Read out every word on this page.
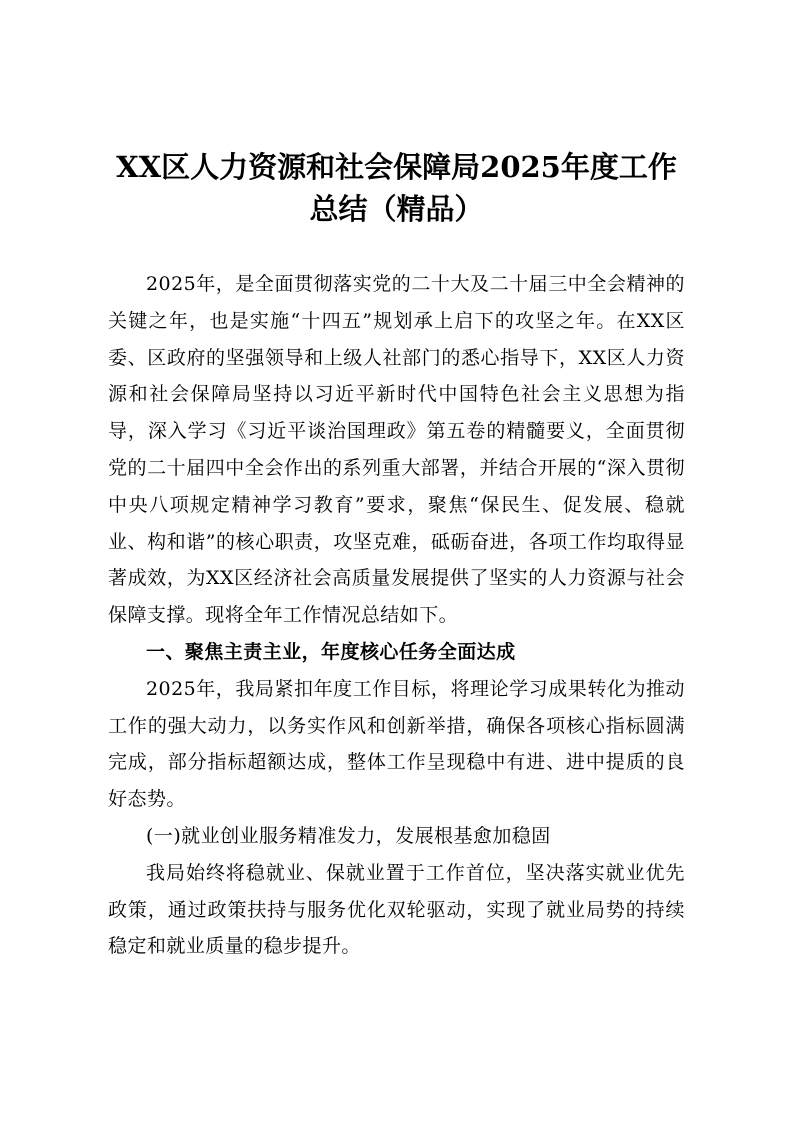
XX区人力资源和社会保障局2025年度工作总结（精品）

2025年，是全面贯彻落实党的二十大及二十届三中全会精神的关键之年，也是实施“十四五”规划承上启下的攻坚之年。在XX区委、区政府的坚强领导和上级人社部门的悉心指导下，XX区人力资源和社会保障局坚持以习近平新时代中国特色社会主义思想为指导，深入学习《习近平谈治国理政》第五卷的精髓要义，全面贯彻党的二十届四中全会作出的系列重大部署，并结合开展的“深入贯彻中央八项规定精神学习教育”要求，聚焦“保民生、促发展、稳就业、构和谐”的核心职责，攻坚克难，砥砺奋进，各项工作均取得显著成效，为XX区经济社会高质量发展提供了坚实的人力资源与社会保障支撑。现将全年工作情况总结如下。

一、聚焦主责主业，年度核心任务全面达成

2025年，我局紧扣年度工作目标，将理论学习成果转化为推动工作的强大动力，以务实作风和创新举措，确保各项核心指标圆满完成，部分指标超额达成，整体工作呈现稳中有进、进中提质的良好态势。

(一)就业创业服务精准发力，发展根基愈加稳固

我局始终将稳就业、保就业置于工作首位，坚决落实就业优先政策，通过政策扶持与服务优化双轮驱动，实现了就业局势的持续稳定和就业质量的稳步提升。
